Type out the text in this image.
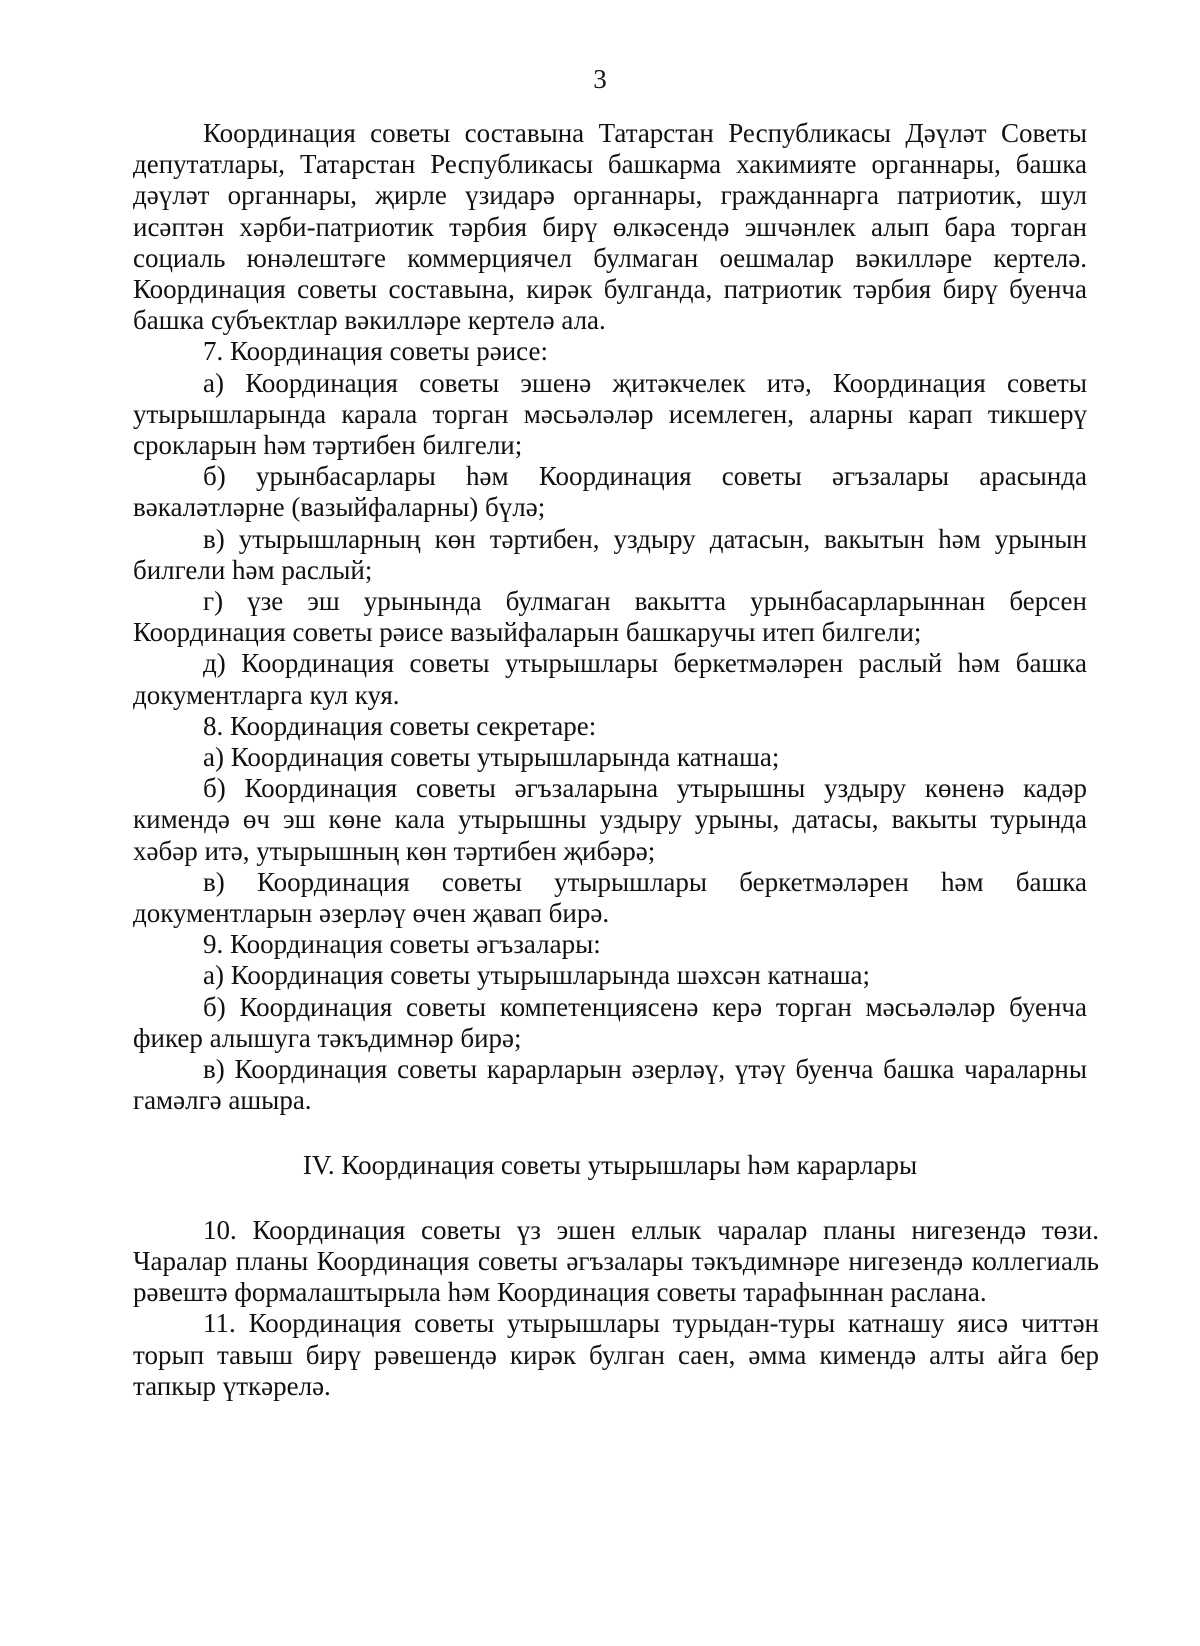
3

Координация советы составына Татарстан Республикасы Дәүләт Советы депутатлары, Татарстан Республикасы башкарма хакимияте органнары, башка дәүләт органнары, җирле үзидарә органнары, гражданнарга патриотик, шул исәптән хәрби-патриотик тәрбия бирү өлкәсендә эшчәнлек алып бара торган социаль юнәлештәге коммерциячел булмаган оешмалар вәкилләре кертелә. Координация советы составына, кирәк булганда, патриотик тәрбия бирү буенча башка субъектлар вәкилләре кертелә ала.

7. Координация советы рәисе:

а) Координация советы эшенә җитәкчелек итә, Координация советы утырышларында карала торган мәсьәләләр исемлеген, аларны карап тикшерү срокларын һәм тәртибен билгели;

б) урынбасарлары һәм Координация советы әгъзалары арасында вәкаләтләрне (вазыйфаларны) бүлә;

в) утырышларның көн тәртибен, уздыру датасын, вакытын һәм урынын билгели һәм раслый;

г) үзе эш урынында булмаган вакытта урынбасарларыннан берсен Координация советы рәисе вазыйфаларын башкаручы итеп билгели;

д) Координация советы утырышлары беркетмәләрен раслый һәм башка документларга кул куя.

8. Координация советы секретаре:

а) Координация советы утырышларында катнаша;

б) Координация советы әгъзаларына утырышны уздыру көненә кадәр кимендә өч эш көне кала утырышны уздыру урыны, датасы, вакыты турында хәбәр итә, утырышның көн тәртибен җибәрә;

в) Координация советы утырышлары беркетмәләрен һәм башка документларын әзерләү өчен җавап бирә.

9. Координация советы әгъзалары:

а) Координация советы утырышларында шәхсән катнаша;

б) Координация советы компетенциясенә керә торган мәсьәләләр буенча фикер алышуга тәкъдимнәр бирә;

в) Координация советы карарларын әзерләү, үтәү буенча башка чараларны гамәлгә ашыра.

IV. Координация советы утырышлары һәм карарлары

10. Координация советы үз эшен еллык чаралар планы нигезендә төзи. Чаралар планы Координация советы әгъзалары тәкъдимнәре нигезендә коллегиаль рәвештә формалаштырыла һәм Координация советы тарафыннан раслана.

11. Координация советы утырышлары турыдан-туры катнашу яисә читтән торып тавыш бирү рәвешендә кирәк булган саен, әмма кимендә алты айга бер тапкыр үткәрелә.
